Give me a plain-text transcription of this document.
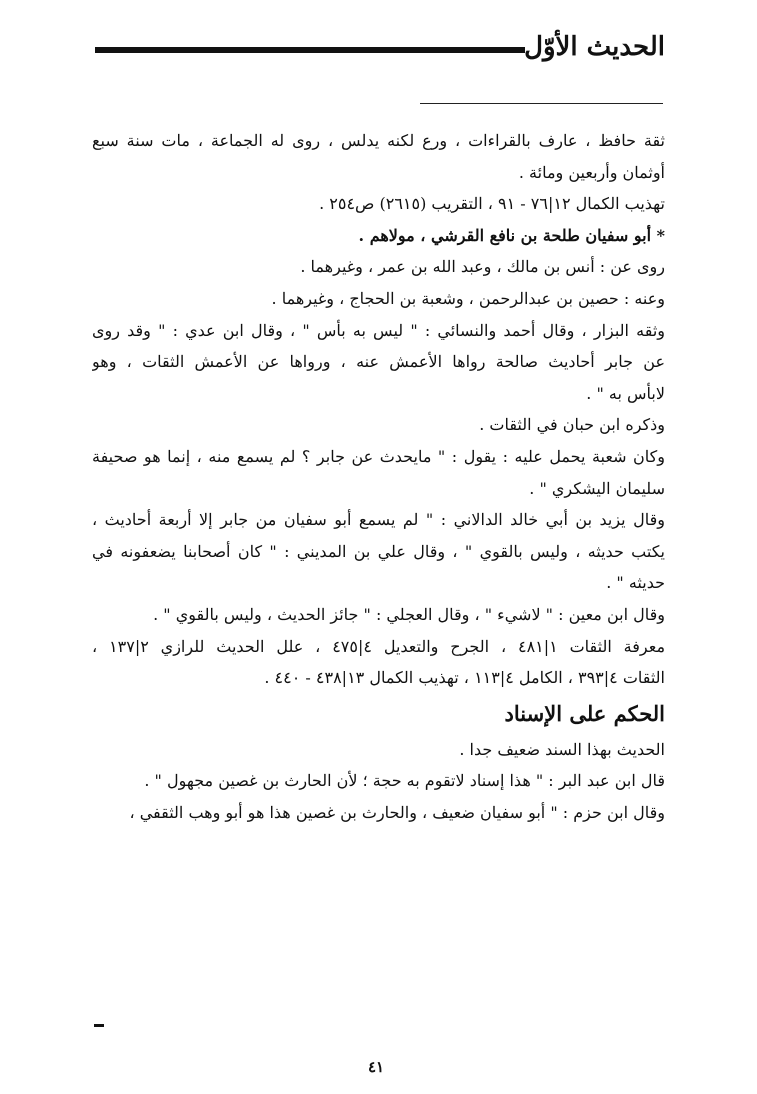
الحديث الأوّل
ثقة حافظ ، عارف بالقراءات ، ورع لكنه يدلس ، روى له الجماعة ، مات سنة سبع
أوثمان وأربعين ومائة .
تهذيب الكمال ١٢|٧٦ - ٩١ ، التقريب (٢٦١٥) ص٢٥٤ .
* أبو سفيان طلحة بن نافع القرشي ، مولاهم .
روى عن : أنس بن مالك ، وعبد الله بن عمر ، وغيرهما .
وعنه : حصين بن عبدالرحمن ، وشعبة بن الحجاج ، وغيرهما .
وثقه البزار ، وقال أحمد والنسائي : " ليس به بأس " ، وقال ابن عدي : " وقد روى
عن جابر أحاديث صالحة رواها الأعمش عنه ، ورواها عن الأعمش الثقات ، وهو
لابأس به " .
وذكره ابن حبان في الثقات .
وكان شعبة يحمل عليه : يقول : " مايحدث عن جابر ؟ لم يسمع منه ، إنما هو صحيفة
سليمان اليشكري " .
وقال يزيد بن أبي خالد الدالاني : " لم يسمع أبو سفيان من جابر إلا أربعة أحاديث ،
يكتب حديثه ، وليس بالقوي " ، وقال علي بن المديني : " كان أصحابنا يضعفونه في
حديثه " .
وقال ابن معين : " لاشيء " ، وقال العجلي : " جائز الحديث ، وليس بالقوي " .
معرفة الثقات ١|٤٨١ ، الجرح والتعديل ٤|٤٧٥ ، علل الحديث للرازي ٢|١٣٧ ،
الثقات ٤|٣٩٣ ، الكامل ٤|١١٣ ، تهذيب الكمال ١٣|٤٣٨ - ٤٤٠ .
الحكم على الإسناد
الحديث بهذا السند ضعيف جدا .
قال ابن عبد البر : " هذا إسناد لاتقوم به حجة ؛ لأن الحارث بن غصين مجهول " .
وقال ابن حزم : " أبو سفيان ضعيف ، والحارث بن غصين هذا هو أبو وهب الثقفي ،
٤١
